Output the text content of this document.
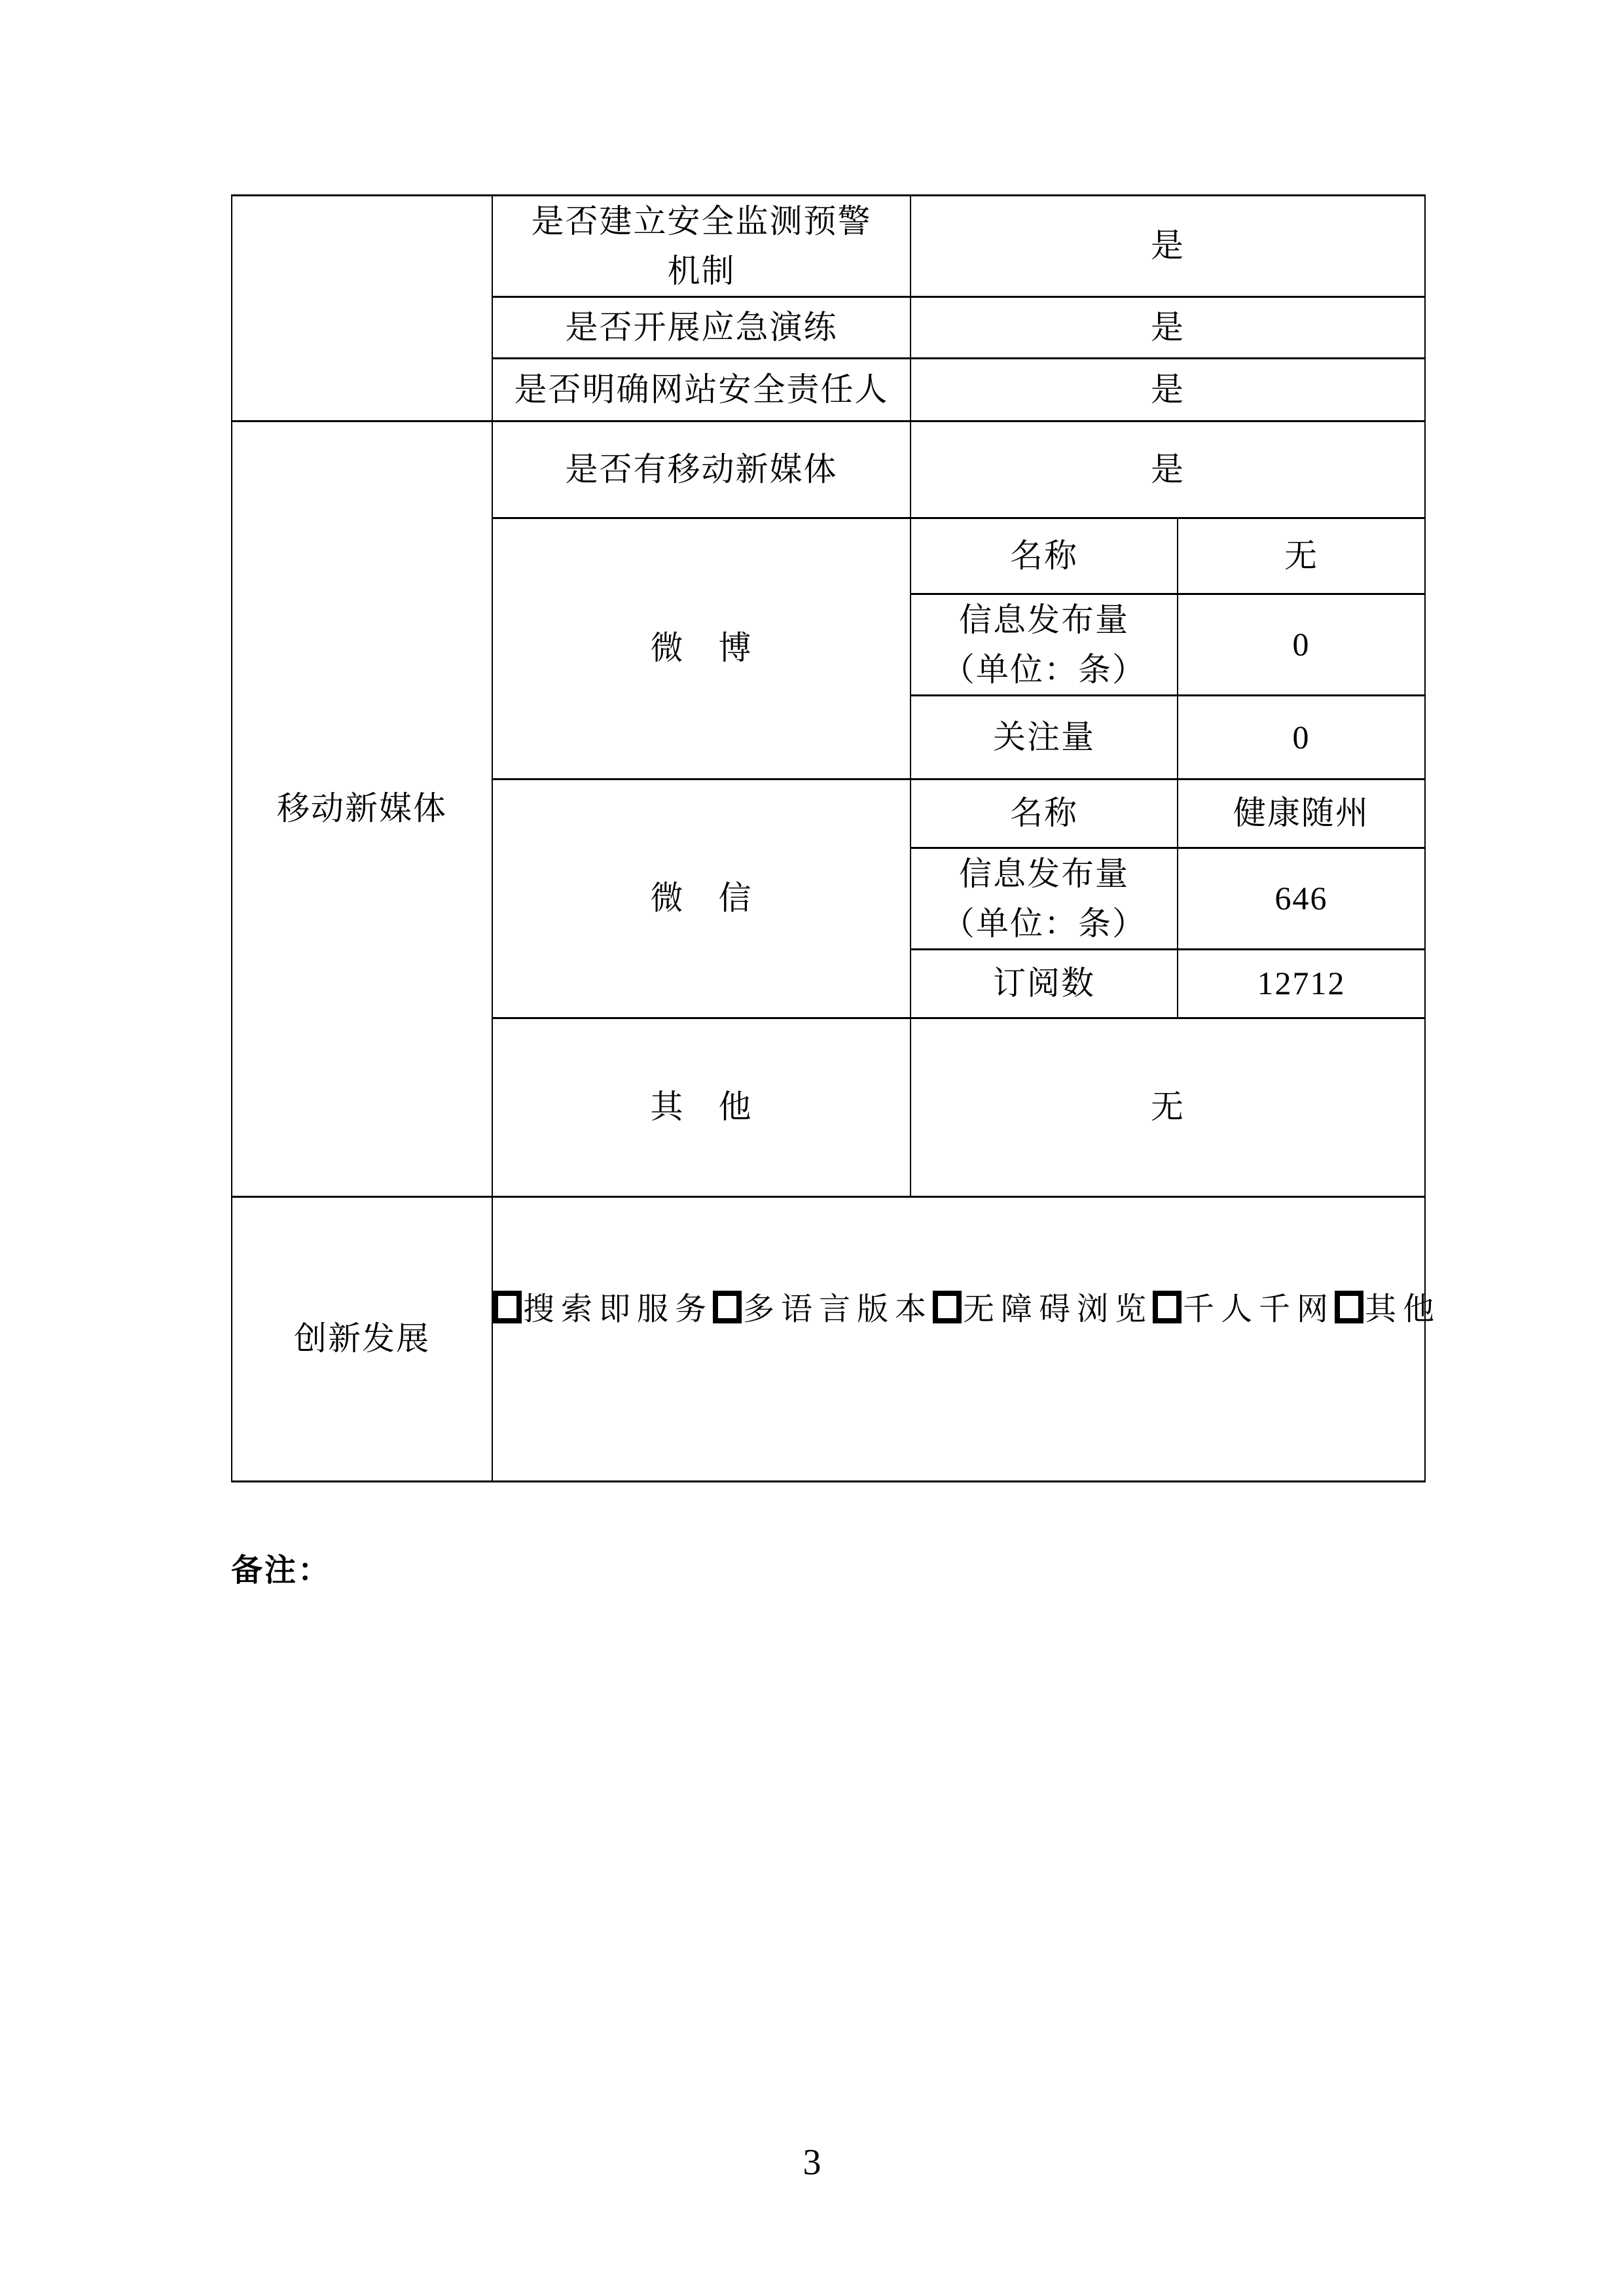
	是否建立安全监测预警
机制	是	
	是否开展应急演练	是	
	是否明确网站安全责任人	是	
移动新媒体	是否有移动新媒体	是	
	微　博	名称	无

		信息发布量
（单位：条）	0
		关注量	0
	微　信	名称	健康随州

		信息发布量
（单位：条）	646
		订阅数	12712
	其　他	无	
创新发展	搜索即服务 多语言版本 无障碍浏览 千人千网 其他		
备注：
3
